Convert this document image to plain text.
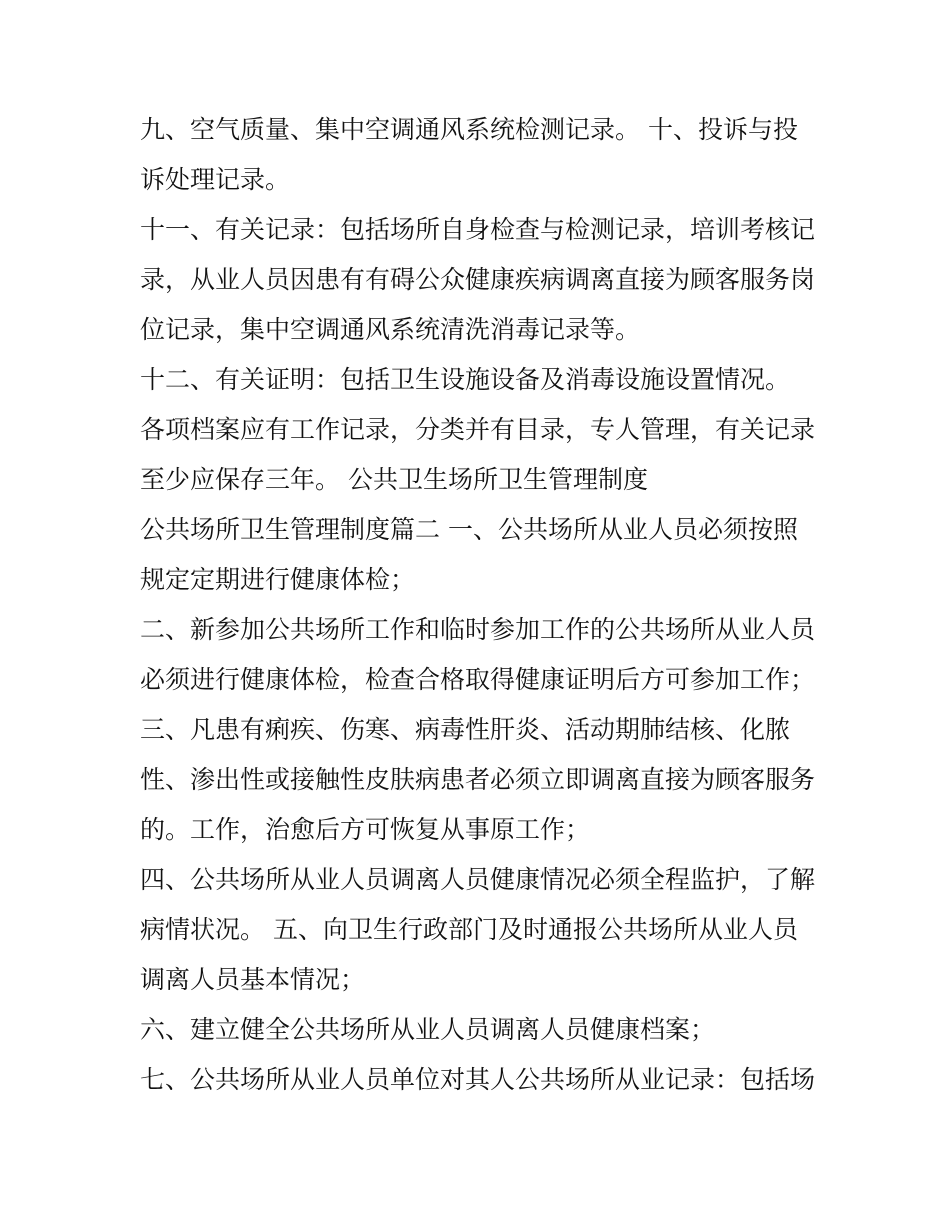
九、空气质量、集中空调通风系统检测记录。 十、投诉与投
诉处理记录。
十一、有关记录：包括场所自身检查与检测记录，培训考核记
录，从业人员因患有有碍公众健康疾病调离直接为顾客服务岗
位记录，集中空调通风系统清洗消毒记录等。
十二、有关证明：包括卫生设施设备及消毒设施设置情况。
各项档案应有工作记录，分类并有目录，专人管理，有关记录
至少应保存三年。 公共卫生场所卫生管理制度
公共场所卫生管理制度篇二 一、公共场所从业人员必须按照
规定定期进行健康体检；
二、新参加公共场所工作和临时参加工作的公共场所从业人员
必须进行健康体检，检查合格取得健康证明后方可参加工作；
三、凡患有痢疾、伤寒、病毒性肝炎、活动期肺结核、化脓
性、渗出性或接触性皮肤病患者必须立即调离直接为顾客服务
的。工作，治愈后方可恢复从事原工作；
四、公共场所从业人员调离人员健康情况必须全程监护，了解
病情状况。 五、向卫生行政部门及时通报公共场所从业人员
调离人员基本情况；
六、建立健全公共场所从业人员调离人员健康档案；
七、公共场所从业人员单位对其人公共场所从业记录：包括场
